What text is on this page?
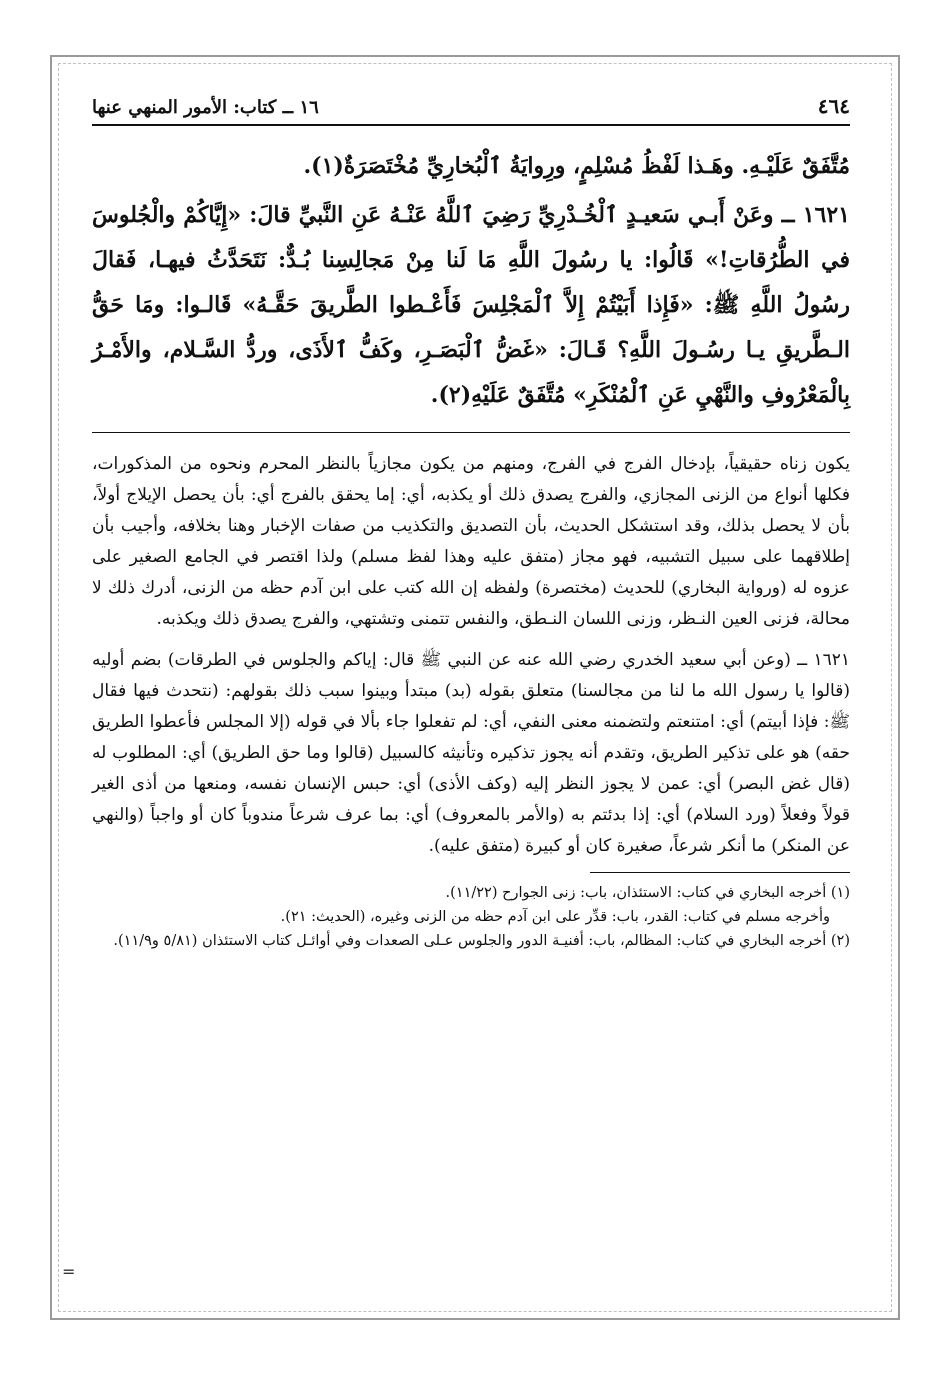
٤٦٤
١٦ ــ كتاب: الأمور المنهي عنها

مُتَّفَقٌ عَلَيْـهِ. وهَـذا لَفْظُ مُسْلِمٍ، ورِوايَةُ ٱلْبُخارِيِّ مُخْتَصَرَةٌ(١).

١٦٢١ ــ وعَنْ أَبـي سَعيـدٍ ٱلْخُـدْرِيِّ رَضِيَ ٱللَّهُ عَنْـهُ عَنِ النَّبيِّ قالَ: «إِيَّاكُمْ والْجُلوسَ في الطُّرُقاتِ!» قَالُوا: يا رسُولَ اللَّهِ مَا لَنا مِنْ مَجالِسِنا بُـدٌّ: نَتَحَدَّثُ فيهـا، فَقالَ رسُولُ اللَّهِ ﷺ: «فَإِذا أَبَيْتُمْ إِلاَّ ٱلْمَجْلِسَ فَأَعْـطوا الطَّريقَ حَقَّـهُ» قَالـوا: ومَا حَقُّ الـطَّريقِ يـا رسُـولَ اللَّهِ؟ قَـالَ: «غَضُّ ٱلْبَصَـرِ، وكَفُّ ٱلأَذَى، وردُّ السَّـلام، والأَمْـرُ بِالْمَعْرُوفِ والنَّهْيِ عَنِ ٱلْمُنْكَرِ» مُتَّفَقٌ عَلَيْهِ(٢).

يكون زناه حقيقياً، بإدخال الفرج في الفرج، ومنهم من يكون مجازياً بالنظر المحرم ونحوه من المذكورات، فكلها أنواع من الزنى المجازي، والفرج يصدق ذلك أو يكذبه، أي: إما يحقق بالفرج أي: بأن يحصل الإيلاج أولاً، بأن لا يحصل بذلك، وقد استشكل الحديث، بأن التصديق والتكذيب من صفات الإخبار وهنا بخلافه، وأجيب بأن إطلاقهما على سبيل التشبيه، فهو مجاز (متفق عليه وهذا لفظ مسلم) ولذا اقتصر في الجامع الصغير على عزوه له (ورواية البخاري) للحديث (مختصرة) ولفظه إن الله كتب على ابن آدم حظه من الزنى، أدرك ذلك لا محالة، فزنى العين النـظر، وزنى اللسان النـطق، والنفس تتمنى وتشتهي، والفرج يصدق ذلك ويكذبه.

١٦٢١ ــ (وعن أبي سعيد الخدري رضي الله عنه عن النبي ﷺ قال: إياكم والجلوس في الطرقات) بضم أوليه (قالوا يا رسول الله ما لنا من مجالسنا) متعلق بقوله (بد) مبتدأ وبينوا سبب ذلك بقولهم: (نتحدث فيها فقال ﷺ: فإذا أبيتم) أي: امتنعتم ولتضمنه معنى النفي، أي: لم تفعلوا جاء بألا في قوله (إلا المجلس فأعطوا الطريق حقه) هو على تذكير الطريق، وتقدم أنه يجوز تذكيره وتأنيثه كالسبيل (قالوا وما حق الطريق) أي: المطلوب له (قال غض البصر) أي: عمن لا يجوز النظر إليه (وكف الأذى) أي: حبس الإنسان نفسه، ومنعها من أذى الغير قولاً وفعلاً (ورد السلام) أي: إذا بدئتم به (والأمر بالمعروف) أي: بما عرف شرعاً مندوباً كان أو واجباً (والنهي عن المنكر) ما أنكر شرعاً، صغيرة كان أو كبيرة (متفق عليه).

(١) أخرجه البخاري في كتاب: الاستئذان، باب: زنى الجوارح (١١/٢٢).

وأخرجه مسلم في كتاب: القدر، باب: قدِّر على ابن آدم حظه من الزنى وغيره، (الحديث: ٢١).

(٢) أخرجه البخاري في كتاب: المظالم، باب: أفنيـة الدور والجلوس عـلى الصعدات وفي أوائـل كتاب الاستئذان (٥/٨١ و١١/٩).

=
